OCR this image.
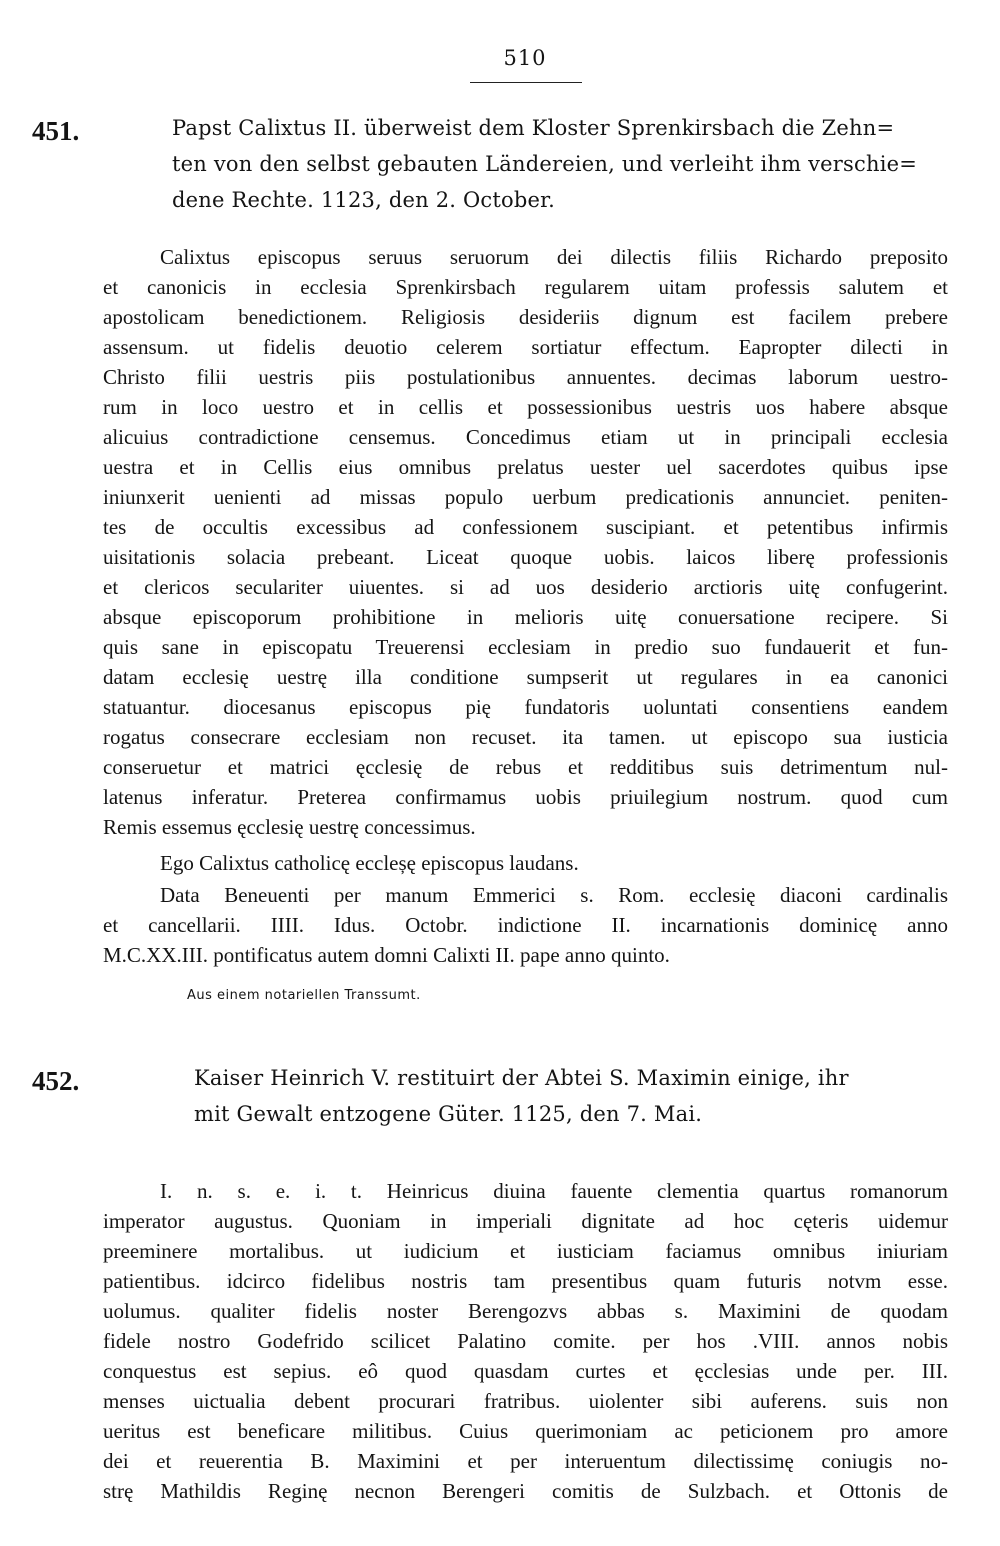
510
451.	Papst Calixtus II. überweist dem Kloster Sprenkirsbach die Zehn=
ten von den selbst gebauten Ländereien, und verleiht ihm verschie=
dene Rechte. 1123, den 2. October.
Calixtus episcopus seruus seruorum dei dilectis filiis Richardo preposito
et canonicis in ecclesia Sprenkirsbach regularem uitam professis salutem et
apostolicam benedictionem. Religiosis desideriis dignum est facilem prebere
assensum. ut fidelis deuotio celerem sortiatur effectum. Eapropter dilecti in
Christo filii uestris piis postulationibus annuentes. decimas laborum uestro-
rum in loco uestro et in cellis et possessionibus uestris uos habere absque
alicuius contradictione censemus. Concedimus etiam ut in principali ecclesia
uestra et in Cellis eius omnibus prelatus uester uel sacerdotes quibus ipse
iniunxerit uenienti ad missas populo uerbum predicationis annunciet. peniten-
tes de occultis excessibus ad confessionem suscipiant. et petentibus infirmis
uisitationis solacia prebeant. Liceat quoque uobis. laicos liberę professionis
et clericos seculariter uiuentes. si ad uos desiderio arctioris uitę confugerint.
absque episcoporum prohibitione in melioris uitę conuersatione recipere. Si
quis sane in episcopatu Treuerensi ecclesiam in predio suo fundauerit et fun-
datam ecclesię uestrę illa conditione sumpserit ut regulares in ea canonici
statuantur. diocesanus episcopus pię fundatoris uoluntati consentiens eandem
rogatus consecrare ecclesiam non recuset. ita tamen. ut episcopo sua iusticia
conseruetur et matrici ęcclesię de rebus et redditibus suis detrimentum nul-
latenus inferatur. Preterea confirmamus uobis priuilegium nostrum. quod cum
Remis essemus ęcclesię uestrę concessimus.
Ego Calixtus catholicę eccleșę episcopus laudans.
Data Beneuenti per manum Emmerici s. Rom. ecclesię diaconi cardinalis
et cancellarii. IIII. Idus. Octobr. indictione II. incarnationis dominicę anno
M.C.XX.III. pontificatus autem domni Calixti II. pape anno quinto.
Aus einem notariellen Transsumt.
452.	Kaiser Heinrich V. restituirt der Abtei S. Maximin einige, ihr
mit Gewalt entzogene Güter. 1125, den 7. Mai.
I. n. s. e. i. t. Heinricus diuina fauente clementia quartus romanorum
imperator augustus. Quoniam in imperiali dignitate ad hoc cęteris uidemur
preeminere mortalibus. ut iudicium et iusticiam faciamus omnibus iniuriam
patientibus. idcirco fidelibus nostris tam presentibus quam futuris notvm esse.
uolumus. qualiter fidelis noster Berengozvs abbas s. Maximini de quodam
fidele nostro Godefrido scilicet Palatino comite. per hos .VIII. annos nobis
conquestus est sepius. eô quod quasdam curtes et ęcclesias unde per. III.
menses uictualia debent procurari fratribus. uiolenter sibi auferens. suis non
ueritus est beneficare militibus. Cuius querimoniam ac peticionem pro amore
dei et reuerentia B. Maximini et per interuentum dilectissimę coniugis no-
strę Mathildis Reginę necnon Berengeri comitis de Sulzbach. et Ottonis de
